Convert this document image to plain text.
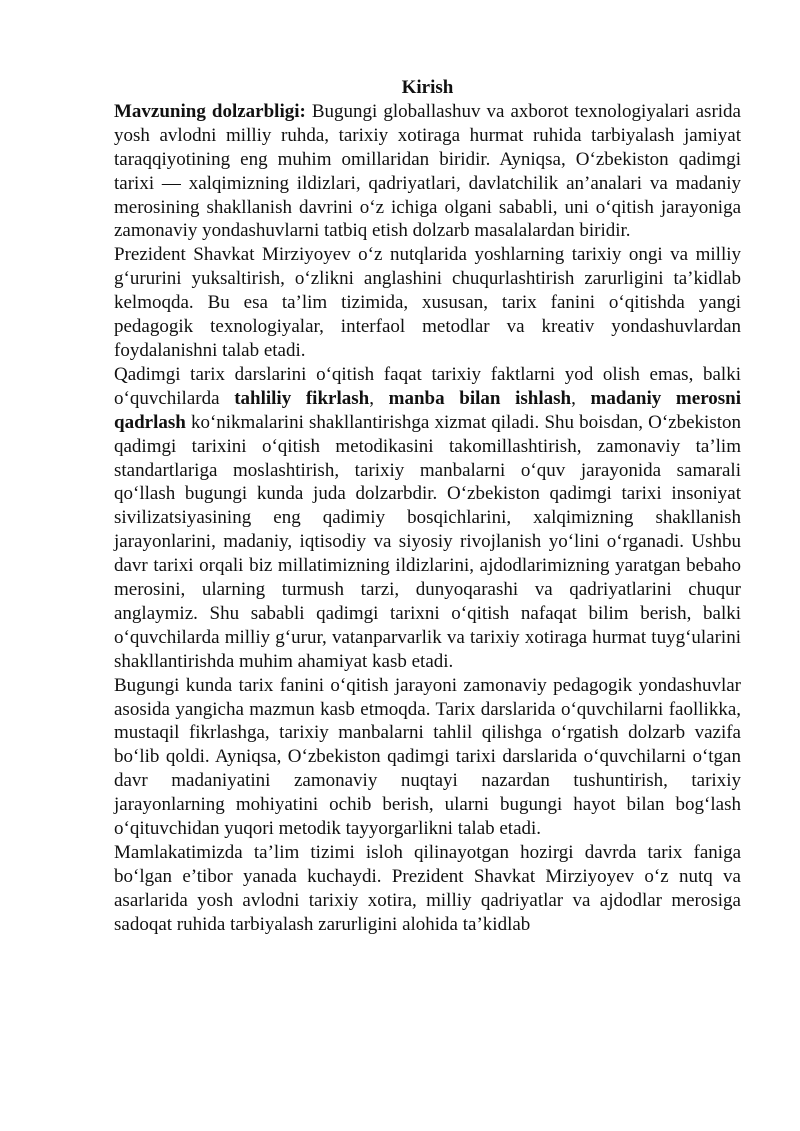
Kirish

Mavzuning dolzarbligi: Bugungi globallashuv va axborot texnologiyalari asrida yosh avlodni milliy ruhda, tarixiy xotiraga hurmat ruhida tarbiyalash jamiyat taraqqiyotining eng muhim omillaridan biridir. Ayniqsa, O‘zbekiston qadimgi tarixi — xalqimizning ildizlari, qadriyatlari, davlatchilik an’analari va madaniy merosining shakllanish davrini o‘z ichiga olgani sababli, uni o‘qitish jarayoniga zamonaviy yondashuvlarni tatbiq etish dolzarb masalalardan biridir.

Prezident Shavkat Mirziyoyev o‘z nutqlarida yoshlarning tarixiy ongi va milliy g‘ururini yuksaltirish, o‘zlikni anglashini chuqurlashtirish zarurligini ta’kidlab kelmoqda. Bu esa ta’lim tizimida, xususan, tarix fanini o‘qitishda yangi pedagogik texnologiyalar, interfaol metodlar va kreativ yondashuvlardan foydalanishni talab etadi.

Qadimgi tarix darslarini o‘qitish faqat tarixiy faktlarni yod olish emas, balki o‘quvchilarda tahliliy fikrlash, manba bilan ishlash, madaniy merosni qadrlash ko‘nikmalarini shakllantirishga xizmat qiladi. Shu boisdan, O‘zbekiston qadimgi tarixini o‘qitish metodikasini takomillashtirish, zamonaviy ta’lim standartlariga moslashtirish, tarixiy manbalarni o‘quv jarayonida samarali qo‘llash bugungi kunda juda dolzarbdir. O‘zbekiston qadimgi tarixi insoniyat sivilizatsiyasining eng qadimiy bosqichlarini, xalqimizning shakllanish jarayonlarini, madaniy, iqtisodiy va siyosiy rivojlanish yo‘lini o‘rganadi. Ushbu davr tarixi orqali biz millatimizning ildizlarini, ajdodlarimizning yaratgan bebaho merosini, ularning turmush tarzi, dunyoqarashi va qadriyatlarini chuqur anglaymiz. Shu sababli qadimgi tarixni o‘qitish nafaqat bilim berish, balki o‘quvchilarda milliy g‘urur, vatanparvarlik va tarixiy xotiraga hurmat tuyg‘ularini shakllantirishda muhim ahamiyat kasb etadi.

Bugungi kunda tarix fanini o‘qitish jarayoni zamonaviy pedagogik yondashuvlar asosida yangicha mazmun kasb etmoqda. Tarix darslarida o‘quvchilarni faollikka, mustaqil fikrlashga, tarixiy manbalarni tahlil qilishga o‘rgatish dolzarb vazifa bo‘lib qoldi. Ayniqsa, O‘zbekiston qadimgi tarixi darslarida o‘quvchilarni o‘tgan davr madaniyatini zamonaviy nuqtayi nazardan tushuntirish, tarixiy jarayonlarning mohiyatini ochib berish, ularni bugungi hayot bilan bog‘lash o‘qituvchidan yuqori metodik tayyorgarlikni talab etadi.

Mamlakatimizda ta’lim tizimi isloh qilinayotgan hozirgi davrda tarix faniga bo‘lgan e’tibor yanada kuchaydi. Prezident Shavkat Mirziyoyev o‘z nutq va asarlarida yosh avlodni tarixiy xotira, milliy qadriyatlar va ajdodlar merosiga sadoqat ruhida tarbiyalash zarurligini alohida ta’kidlab
